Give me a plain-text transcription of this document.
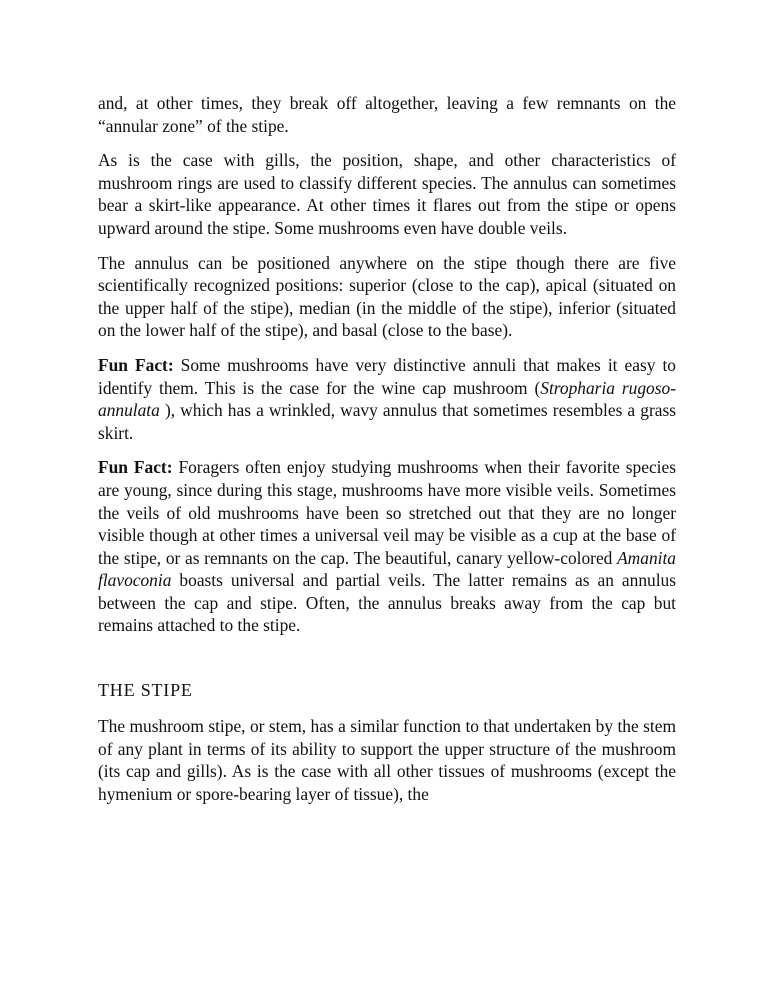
and, at other times, they break off altogether, leaving a few remnants on the “annular zone” of the stipe.

As is the case with gills, the position, shape, and other characteristics of mushroom rings are used to classify different species. The annulus can sometimes bear a skirt-like appearance. At other times it flares out from the stipe or opens upward around the stipe. Some mushrooms even have double veils.

The annulus can be positioned anywhere on the stipe though there are five scientifically recognized positions: superior (close to the cap), apical (situated on the upper half of the stipe), median (in the middle of the stipe), inferior (situated on the lower half of the stipe), and basal (close to the base).

Fun Fact: Some mushrooms have very distinctive annuli that makes it easy to identify them. This is the case for the wine cap mushroom (Stropharia rugoso-annulata ), which has a wrinkled, wavy annulus that sometimes resembles a grass skirt.

Fun Fact: Foragers often enjoy studying mushrooms when their favorite species are young, since during this stage, mushrooms have more visible veils. Sometimes the veils of old mushrooms have been so stretched out that they are no longer visible though at other times a universal veil may be visible as a cup at the base of the stipe, or as remnants on the cap. The beautiful, canary yellow-colored Amanita flavoconia boasts universal and partial veils. The latter remains as an annulus between the cap and stipe. Often, the annulus breaks away from the cap but remains attached to the stipe.

THE STIPE

The mushroom stipe, or stem, has a similar function to that undertaken by the stem of any plant in terms of its ability to support the upper structure of the mushroom (its cap and gills). As is the case with all other tissues of mushrooms (except the hymenium or spore-bearing layer of tissue), the
